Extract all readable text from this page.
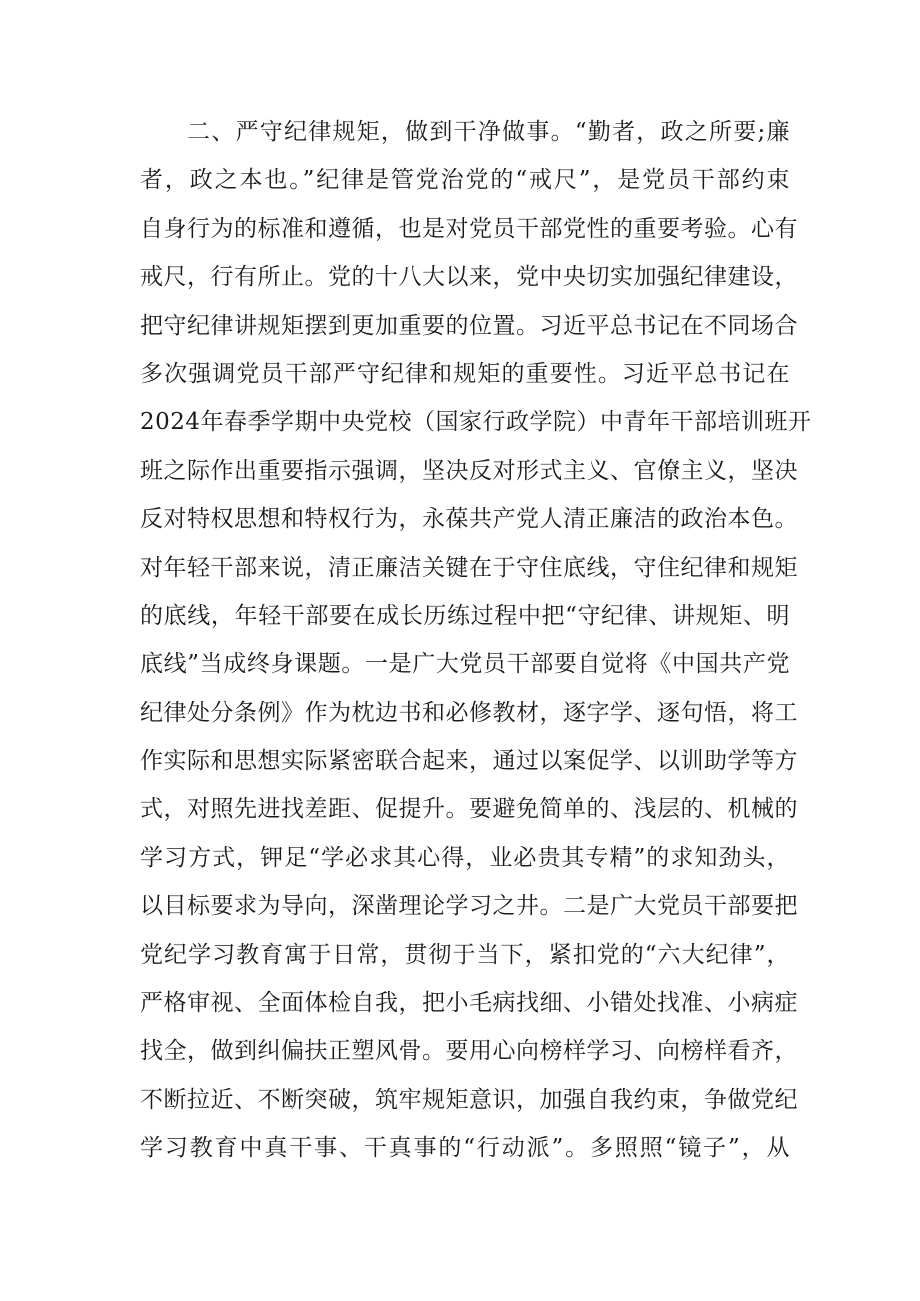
二、严守纪律规矩，做到干净做事。“勤者，政之所要;廉
者，政之本也。”纪律是管党治党的“戒尺”，是党员干部约束
自身行为的标准和遵循，也是对党员干部党性的重要考验。心有
戒尺，行有所止。党的十八大以来，党中央切实加强纪律建设，
把守纪律讲规矩摆到更加重要的位置。习近平总书记在不同场合
多次强调党员干部严守纪律和规矩的重要性。习近平总书记在
2024年春季学期中央党校（国家行政学院）中青年干部培训班开
班之际作出重要指示强调，坚决反对形式主义、官僚主义，坚决
反对特权思想和特权行为，永葆共产党人清正廉洁的政治本色。
对年轻干部来说，清正廉洁关键在于守住底线，守住纪律和规矩
的底线，年轻干部要在成长历练过程中把“守纪律、讲规矩、明
底线”当成终身课题。一是广大党员干部要自觉将《中国共产党
纪律处分条例》作为枕边书和必修教材，逐字学、逐句悟，将工
作实际和思想实际紧密联合起来，通过以案促学、以训助学等方
式，对照先进找差距、促提升。要避免简单的、浅层的、机械的
学习方式，钾足“学必求其心得，业必贵其专精”的求知劲头，
以目标要求为导向，深凿理论学习之井。二是广大党员干部要把
党纪学习教育寓于日常，贯彻于当下，紧扣党的“六大纪律”，
严格审视、全面体检自我，把小毛病找细、小错处找准、小病症
找全，做到纠偏扶正塑风骨。要用心向榜样学习、向榜样看齐，
不断拉近、不断突破，筑牢规矩意识，加强自我约束，争做党纪
学习教育中真干事、干真事的“行动派”。多照照“镜子”，从
